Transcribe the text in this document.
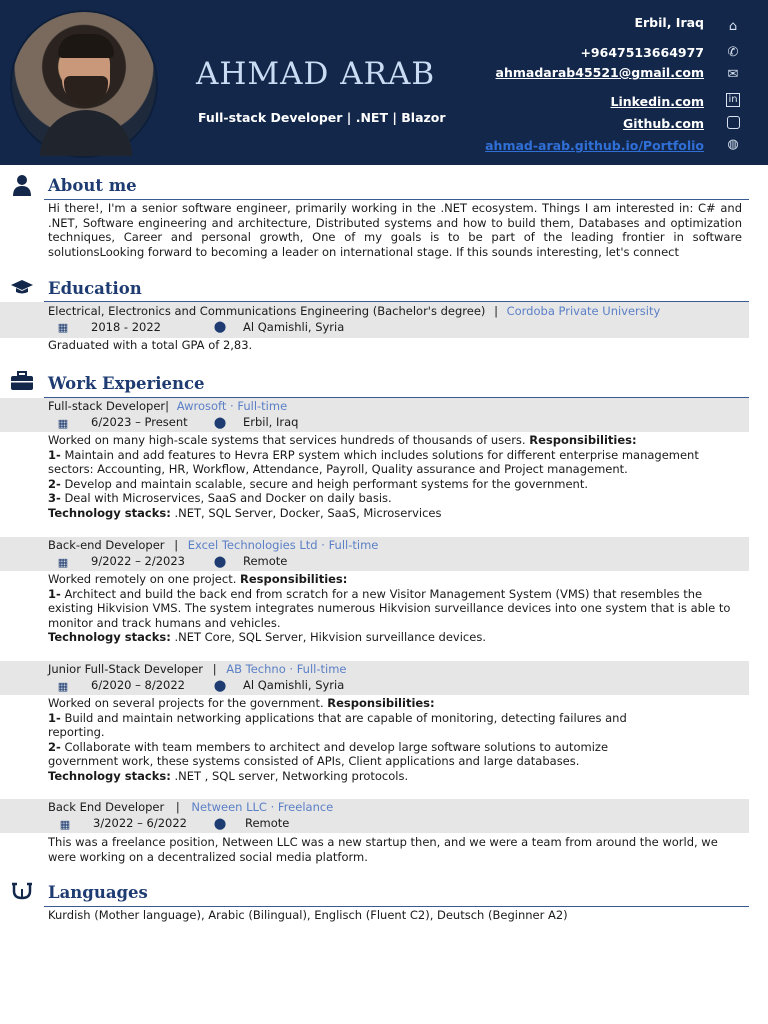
AHMAD ARAB
Full-stack Developer | .NET | Blazor
Erbil, Iraq	⌂
+9647513664977 ✆
ahmadarab45521@gmail.com ✉
Linkedin.com in
Github.com
ahmad-arab.github.io/Portfolio ◍
About me
Hi there!, I'm a senior software engineer, primarily working in the .NET ecosystem. Things I am interested in: C# and .NET, Software engineering and architecture, Distributed systems and how to build them, Databases and optimization techniques, Career and personal growth, One of my goals is to be part of the leading frontier in software solutionsLooking forward to becoming a leader on international stage. If this sounds interesting, let's connect
Education
Electrical, Electronics and Communications Engineering (Bachelor's degree) | Cordoba Private University
▦ 2018 - 2022	⬤ Al Qamishli, Syria
Graduated with a total GPA of 2,83.
Work Experience
Full-stack Developer| Awrosoft · Full-time
▦ 6/2023 – Present ⬤ Erbil, Iraq
Worked on many high-scale systems that services hundreds of thousands of users. Responsibilities:
1- Maintain and add features to Hevra ERP system which includes solutions for different enterprise management sectors: Accounting, HR, Workflow, Attendance, Payroll, Quality assurance and Project management.
2- Develop and maintain scalable, secure and heigh performant systems for the government.
3- Deal with Microservices, SaaS and Docker on daily basis.
Technology stacks: .NET, SQL Server, Docker, SaaS, Microservices
Back-end Developer | Excel Technologies Ltd · Full-time
▦ 9/2022 – 2/2023	⬤ Remote
Worked remotely on one project. Responsibilities:
1- Architect and build the back end from scratch for a new Visitor Management System (VMS) that resembles the existing Hikvision VMS. The system integrates numerous Hikvision surveillance devices into one system that is able to monitor and track humans and vehicles.
Technology stacks: .NET Core, SQL Server, Hikvision surveillance devices.
Junior Full-Stack Developer | AB Techno · Full-time
▦ 6/2020 – 8/2022	⬤ Al Qamishli, Syria
Worked on several projects for the government. Responsibilities:
1- Build and maintain networking applications that are capable of monitoring, detecting failures and reporting.
2- Collaborate with team members to architect and develop large software solutions to automize government work, these systems consisted of APIs, Client applications and large databases.
Technology stacks: .NET , SQL server, Networking protocols.
Back End Developer | Netween LLC · Freelance
▦ 3/2022 – 6/2022 ⬤ Remote
This was a freelance position, Netween LLC was a new startup then, and we were a team from around the world, we were working on a decentralized social media platform.
Languages
Kurdish (Mother language), Arabic (Bilingual), Englisch (Fluent C2), Deutsch (Beginner A2)
